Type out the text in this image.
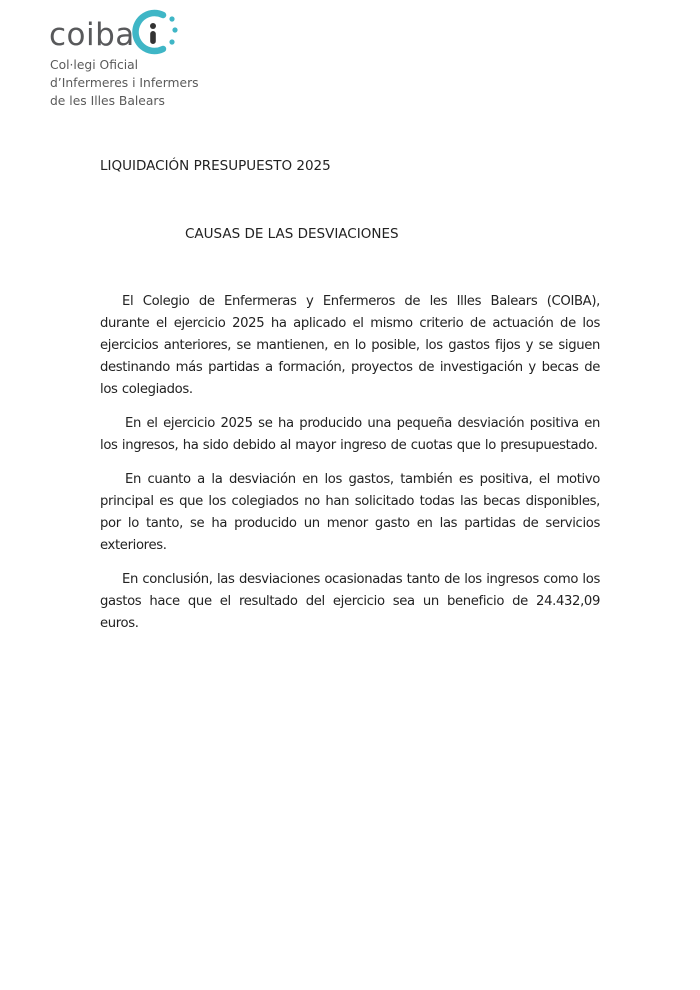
coiba
Col·legi Oficial
d’Infermeres i Infermers
de les Illes Balears
LIQUIDACIÓN PRESUPUESTO 2025
CAUSAS DE LAS DESVIACIONES

El Colegio de Enfermeras y Enfermeros de les Illes Balears (COIBA), durante el ejercicio 2025 ha aplicado el mismo criterio de actuación de los ejercicios anteriores, se mantienen, en lo posible, los gastos fijos y se siguen destinando más partidas a formación, proyectos de investigación y becas de los colegiados.

En el ejercicio 2025 se ha producido una pequeña desviación positiva en los ingresos, ha sido debido al mayor ingreso de cuotas que lo presupuestado.

En cuanto a la desviación en los gastos, también es positiva, el motivo principal es que los colegiados no han solicitado todas las becas disponibles, por lo tanto, se ha producido un menor gasto en las partidas de servicios exteriores.

En conclusión, las desviaciones ocasionadas tanto de los ingresos como los gastos hace que el resultado del ejercicio sea un beneficio de 24.432,09 euros.
